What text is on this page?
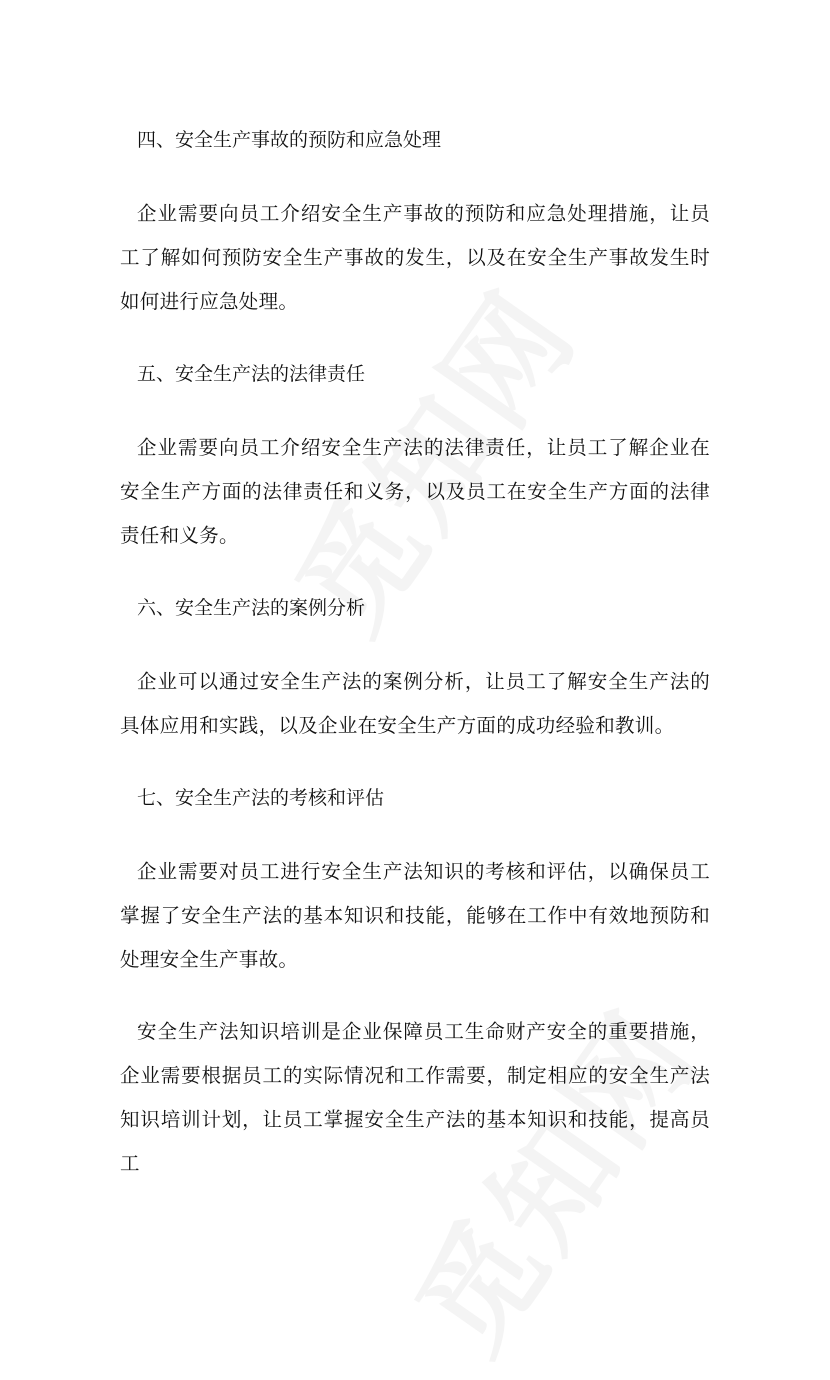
四、安全生产事故的预防和应急处理

企业需要向员工介绍安全生产事故的预防和应急处理措施，让员工了解如何预防安全生产事故的发生，以及在安全生产事故发生时如何进行应急处理。

五、安全生产法的法律责任

企业需要向员工介绍安全生产法的法律责任，让员工了解企业在安全生产方面的法律责任和义务，以及员工在安全生产方面的法律责任和义务。

六、安全生产法的案例分析

企业可以通过安全生产法的案例分析，让员工了解安全生产法的具体应用和实践，以及企业在安全生产方面的成功经验和教训。

七、安全生产法的考核和评估

企业需要对员工进行安全生产法知识的考核和评估，以确保员工掌握了安全生产法的基本知识和技能，能够在工作中有效地预防和处理安全生产事故。

安全生产法知识培训是企业保障员工生命财产安全的重要措施，企业需要根据员工的实际情况和工作需要，制定相应的安全生产法知识培训计划，让员工掌握安全生产法的基本知识和技能，提高员工
